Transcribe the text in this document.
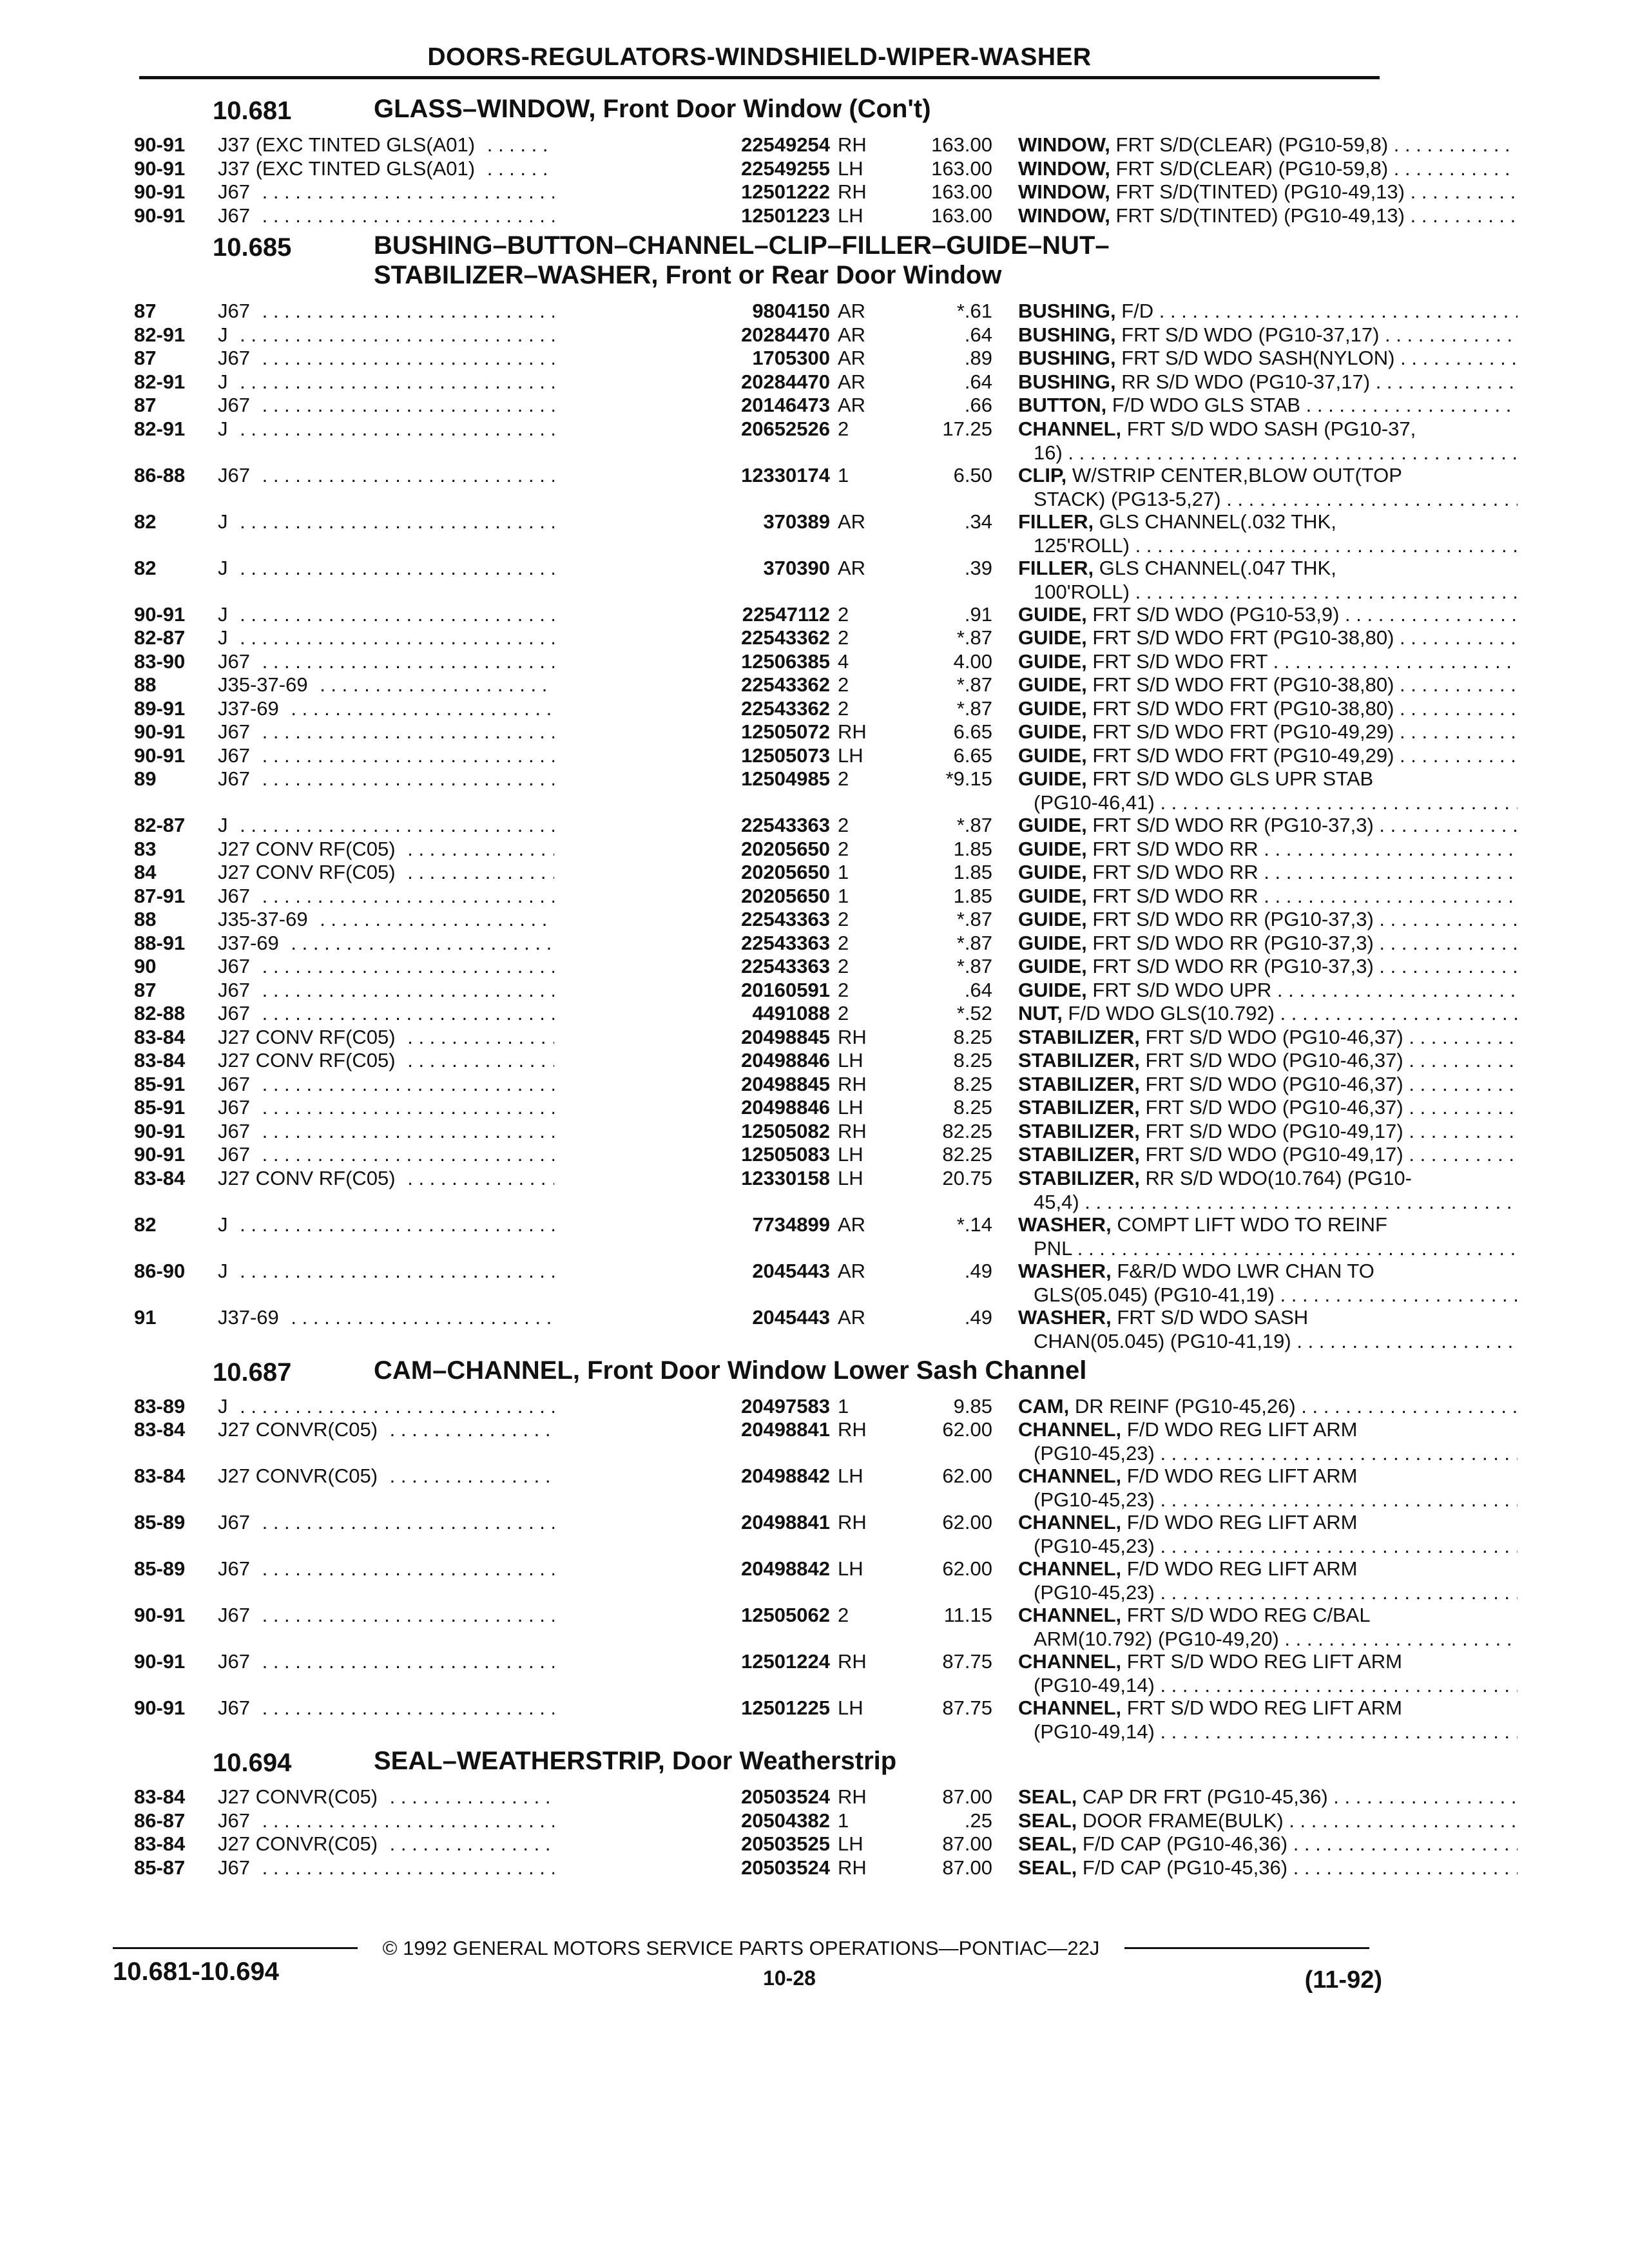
DOORS-REGULATORS-WINDSHIELD-WIPER-WASHER
10.681	GLASS–WINDOW, Front Door Window (Con't)
90-91 J37 (EXC TINTED GLS(A01) . . .	22549254 RH	163.00 WINDOW, FRT S/D(CLEAR) (PG10-59,8) . . .
90-91 J37 (EXC TINTED GLS(A01) . . .	22549255 LH	163.00 WINDOW, FRT S/D(CLEAR) (PG10-59,8) . . .
90-91 J67 . . .	12501222 RH	163.00 WINDOW, FRT S/D(TINTED) (PG10-49,13) . . .
90-91 J67 . . .	12501223 LH	163.00 WINDOW, FRT S/D(TINTED) (PG10-49,13) . . .
10.685	BUSHING–BUTTON–CHANNEL–CLIP–FILLER–GUIDE–NUT–
STABILIZER–WASHER, Front or Rear Door Window
87	J67 . . .	9804150 AR	*.61 BUSHING, F/D . . .
82-91 J . . .	20284470 AR	.64 BUSHING, FRT S/D WDO (PG10-37,17) . . .
87	J67 . . .	1705300 AR	.89 BUSHING, FRT S/D WDO SASH(NYLON) . . .
82-91 J . . .	20284470 AR	.64 BUSHING, RR S/D WDO (PG10-37,17) . . .
87	J67 . . .	20146473 AR	.66 BUTTON, F/D WDO GLS STAB . . .
82-91 J . . .	20652526 2	17.25 CHANNEL, FRT S/D WDO SASH (PG10-37,
16) . . .
86-88 J67 . . .	12330174 1	6.50 CLIP, W/STRIP CENTER,BLOW OUT(TOP
STACK) (PG13-5,27) . . .
82	J . . .	370389 AR	.34 FILLER, GLS CHANNEL(.032 THK,
125'ROLL) . . .
82	J . . .	370390 AR	.39 FILLER, GLS CHANNEL(.047 THK,
100'ROLL) . . .
90-91 J . . .	22547112 2	.91 GUIDE, FRT S/D WDO (PG10-53,9) . . .
82-87 J . . .	22543362 2	*.87 GUIDE, FRT S/D WDO FRT (PG10-38,80) . . .
83-90 J67 . . .	12506385 4	4.00 GUIDE, FRT S/D WDO FRT . . .
88	J35-37-69 . . .	22543362 2	*.87 GUIDE, FRT S/D WDO FRT (PG10-38,80) . . .
89-91 J37-69 . . .	22543362 2	*.87 GUIDE, FRT S/D WDO FRT (PG10-38,80) . . .
90-91 J67 . . .	12505072 RH	6.65 GUIDE, FRT S/D WDO FRT (PG10-49,29) . . .
90-91 J67 . . .	12505073 LH	6.65 GUIDE, FRT S/D WDO FRT (PG10-49,29) . . .
89	J67 . . .	12504985 2	*9.15 GUIDE, FRT S/D WDO GLS UPR STAB
(PG10-46,41) . . .
82-87 J . . .	22543363 2	*.87 GUIDE, FRT S/D WDO RR (PG10-37,3) . . .
83	J27 CONV RF(C05) . . .	20205650 2	1.85 GUIDE, FRT S/D WDO RR . . .
84	J27 CONV RF(C05) . . .	20205650 1	1.85 GUIDE, FRT S/D WDO RR . . .
87-91 J67 . . .	20205650 1	1.85 GUIDE, FRT S/D WDO RR . . .
88	J35-37-69 . . .	22543363 2	*.87 GUIDE, FRT S/D WDO RR (PG10-37,3) . . .
88-91 J37-69 . . .	22543363 2	*.87 GUIDE, FRT S/D WDO RR (PG10-37,3) . . .
90	J67 . . .	22543363 2	*.87 GUIDE, FRT S/D WDO RR (PG10-37,3) . . .
87	J67 . . .	20160591 2	.64 GUIDE, FRT S/D WDO UPR . . .
82-88 J67 . . .	4491088 2	*.52 NUT, F/D WDO GLS(10.792) . . .
83-84 J27 CONV RF(C05) . . .	20498845 RH	8.25 STABILIZER, FRT S/D WDO (PG10-46,37) . . .
83-84 J27 CONV RF(C05) . . .	20498846 LH	8.25 STABILIZER, FRT S/D WDO (PG10-46,37) . . .
85-91 J67 . . .	20498845 RH	8.25 STABILIZER, FRT S/D WDO (PG10-46,37) . . .
85-91 J67 . . .	20498846 LH	8.25 STABILIZER, FRT S/D WDO (PG10-46,37) . . .
90-91 J67 . . .	12505082 RH	82.25 STABILIZER, FRT S/D WDO (PG10-49,17) . . .
90-91 J67 . . .	12505083 LH	82.25 STABILIZER, FRT S/D WDO (PG10-49,17) . . .
83-84 J27 CONV RF(C05) . . .	12330158 LH	20.75 STABILIZER, RR S/D WDO(10.764) (PG10-
45,4) . . .
82	J . . .	7734899 AR	*.14 WASHER, COMPT LIFT WDO TO REINF
PNL . . .
86-90 J . . .	2045443 AR	.49 WASHER, F&R/D WDO LWR CHAN TO
GLS(05.045) (PG10-41,19) . . .
91	J37-69 . . .	2045443 AR	.49 WASHER, FRT S/D WDO SASH
CHAN(05.045) (PG10-41,19) . . .
10.687	CAM–CHANNEL, Front Door Window Lower Sash Channel
83-89 J . . .	20497583 1	9.85 CAM, DR REINF (PG10-45,26) . . .
83-84 J27 CONVR(C05) . . .	20498841 RH	62.00 CHANNEL, F/D WDO REG LIFT ARM
(PG10-45,23) . . .
83-84 J27 CONVR(C05) . . .	20498842 LH	62.00 CHANNEL, F/D WDO REG LIFT ARM
(PG10-45,23) . . .
85-89 J67 . . .	20498841 RH	62.00 CHANNEL, F/D WDO REG LIFT ARM
(PG10-45,23) . . .
85-89 J67 . . .	20498842 LH	62.00 CHANNEL, F/D WDO REG LIFT ARM
(PG10-45,23) . . .
90-91 J67 . . .	12505062 2	11.15 CHANNEL, FRT S/D WDO REG C/BAL
ARM(10.792) (PG10-49,20) . . .
90-91 J67 . . .	12501224 RH	87.75 CHANNEL, FRT S/D WDO REG LIFT ARM
(PG10-49,14) . . .
90-91 J67 . . .	12501225 LH	87.75 CHANNEL, FRT S/D WDO REG LIFT ARM
(PG10-49,14) . . .
10.694	SEAL–WEATHERSTRIP, Door Weatherstrip
83-84 J27 CONVR(C05) . . .	20503524 RH	87.00 SEAL, CAP DR FRT (PG10-45,36) . . .
86-87 J67 . . .	20504382 1	.25 SEAL, DOOR FRAME(BULK) . . .
83-84 J27 CONVR(C05) . . .	20503525 LH	87.00 SEAL, F/D CAP (PG10-46,36) . . .
85-87 J67 . . .	20503524 RH	87.00 SEAL, F/D CAP (PG10-45,36) . . .
© 1992 GENERAL MOTORS SERVICE PARTS OPERATIONS—PONTIAC—22J
10.681-10.694	10-28	(11-92)
